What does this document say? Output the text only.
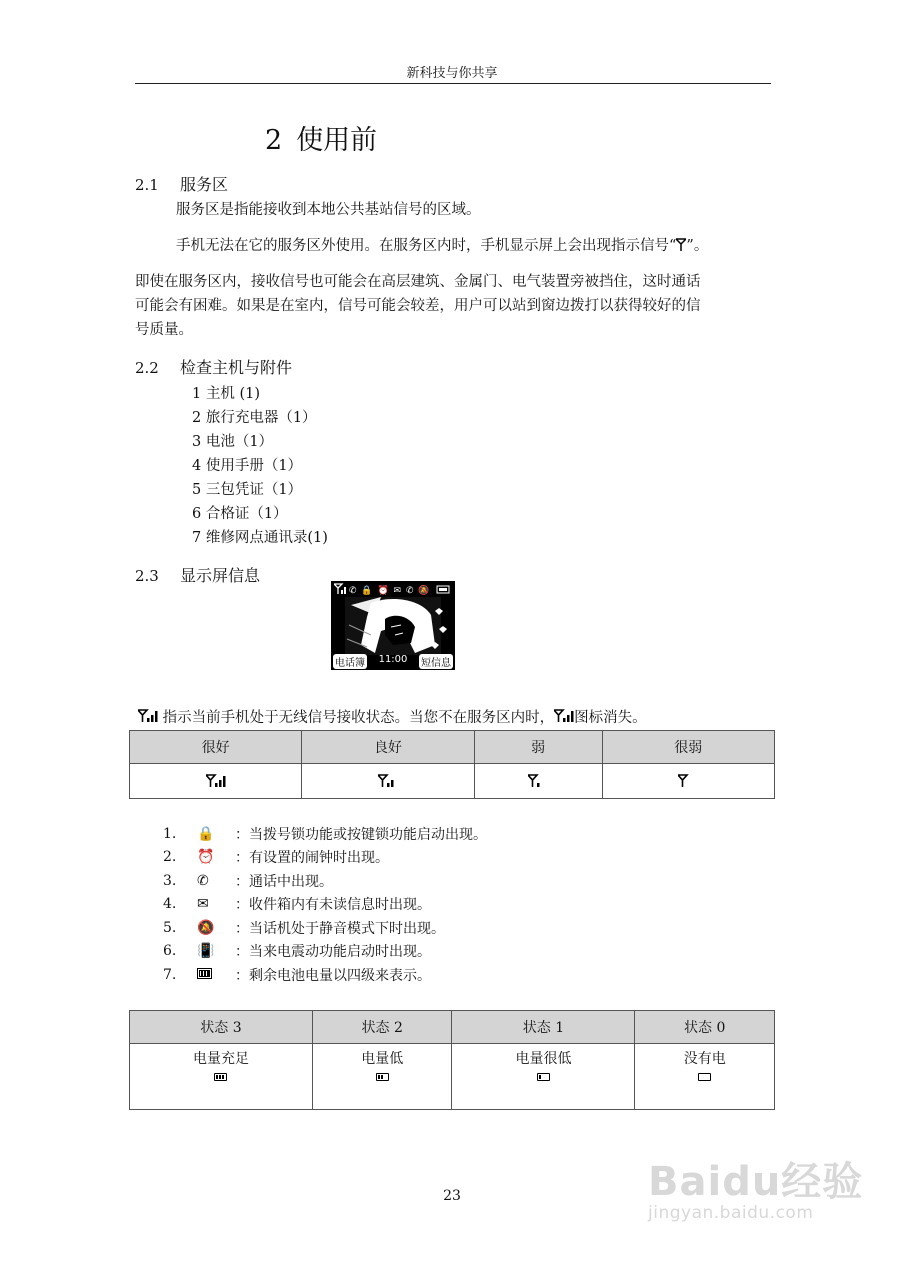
新科技与你共享
2 使用前
2.1 服务区
服务区是指能接收到本地公共基站信号的区域。
手机无法在它的服务区外使用。在服务区内时，手机显示屏上会出现指示信号“ ”。
即使在服务区内，接收信号也可能会在高层建筑、金属门、电气装置旁被挡住，这时通话
可能会有困难。如果是在室内，信号可能会较差，用户可以站到窗边拨打以获得较好的信
号质量。
2.2 检查主机与附件
1 主机 (1)
2 旅行充电器（1）
3 电池（1）
4 使用手册（1）
5 三包凭证（1）
6 合格证（1）
7 维修网点通讯录(1)
2.3 显示屏信息
✆ 🔒 ⏰ ✉ ✆ 🔕
电话簿 11:00 短信息
指示当前手机处于无线信号接收状态。当您不在服务区内时， 图标消失。
很好	良好	弱	很弱

1.	🔒	：当拨号锁功能或按键锁功能启动出现。
2.	⏰	：有设置的闹钟时出现。
3.	✆	：通话中出现。
4.	✉	：收件箱内有未读信息时出现。
5.	🔕	：当话机处于静音模式下时出现。
6.	📳	：当来电震动功能启动时出现。
7.	：剩余电池电量以四级来表示。
状态 3	状态 2	状态 1	状态 0

电量充足	电量低	电量很低	没有电
23	Baidu经验
jingyan.baidu.com
